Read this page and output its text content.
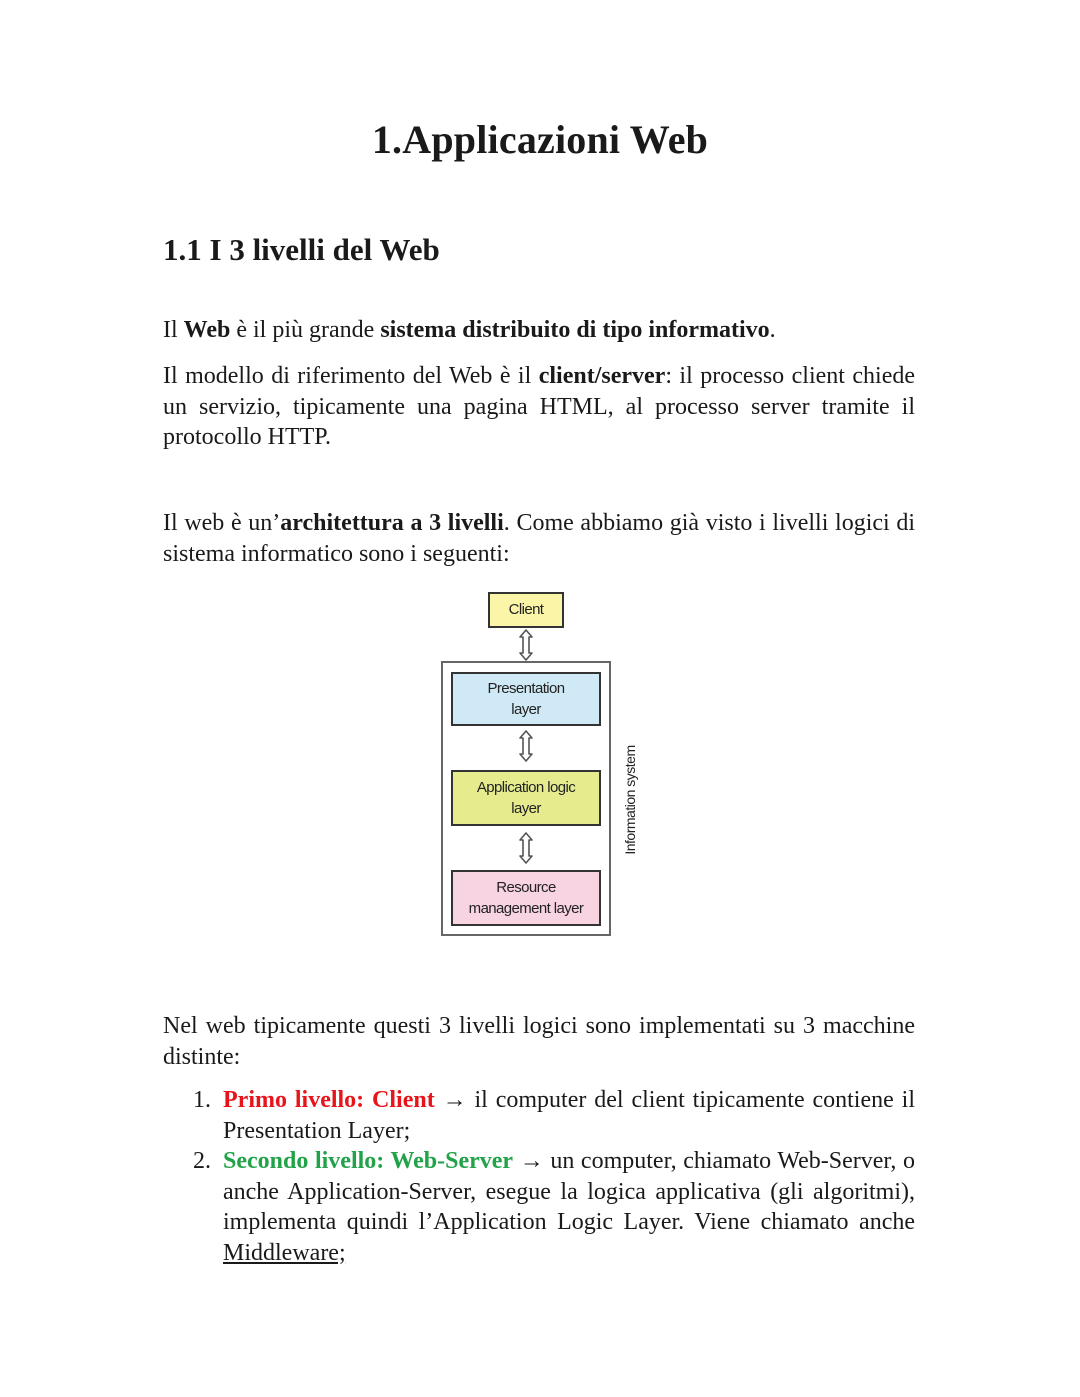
1.Applicazioni Web
1.1 I 3 livelli del Web

Il Web è il più grande sistema distribuito di tipo informativo.

Il modello di riferimento del Web è il client/server: il processo client chiede un servizio, tipicamente una pagina HTML, al processo server tramite il protocollo HTTP.

Il web è un’architettura a 3 livelli. Come abbiamo già visto i livelli logici di sistema informatico sono i seguenti:

Client
Presentation
layer
Application logic
layer
Resource
management layer
Information system

Nel web tipicamente questi 3 livelli logici sono implementati su 3 macchine distinte:

1. Primo livello: Client → il computer del client tipicamente contiene il Presentation Layer;
2. Secondo livello: Web-Server → un computer, chiamato Web-Server, o anche Application-Server, esegue la logica applicativa (gli algoritmi), implementa quindi l’Application Logic Layer. Viene chiamato anche Middleware;
